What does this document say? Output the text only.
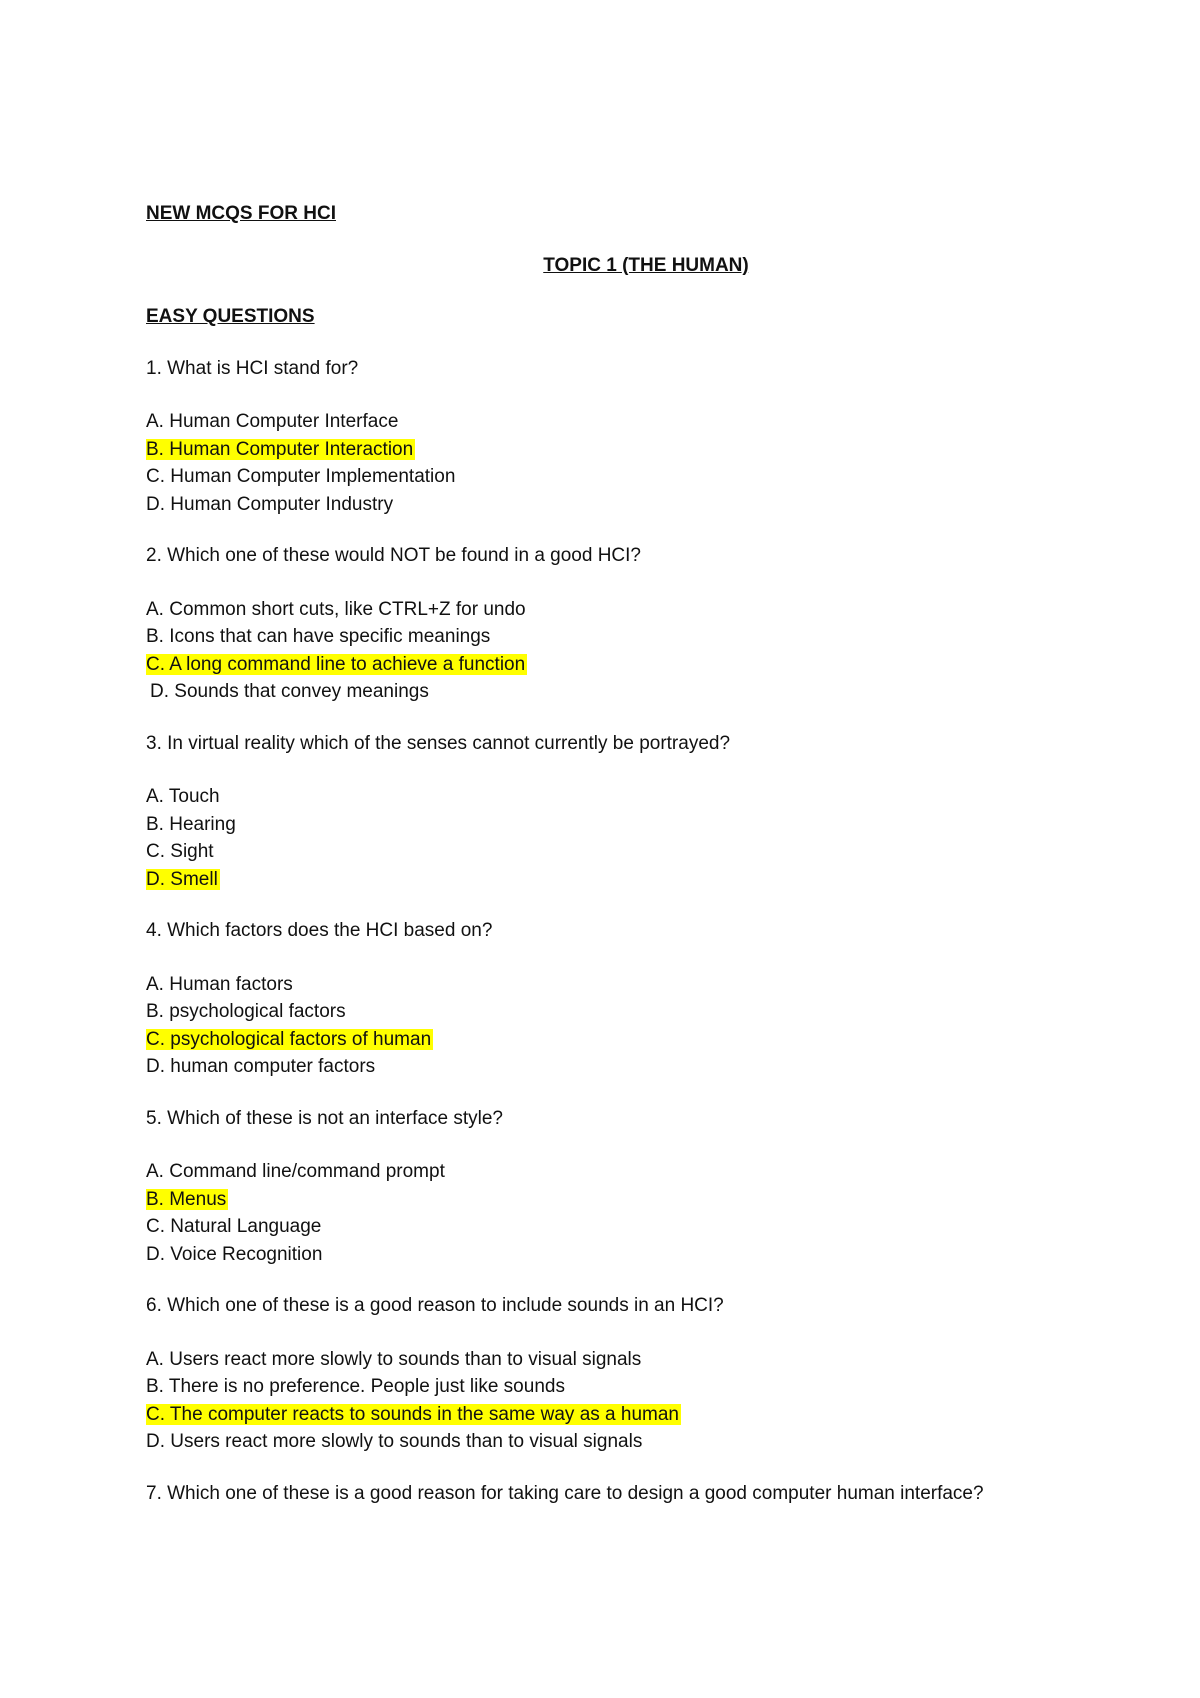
NEW MCQS FOR HCI
TOPIC 1 (THE HUMAN)
EASY QUESTIONS
1. What is HCI stand for?
A. Human Computer Interface
B. Human Computer Interaction
C. Human Computer Implementation
D. Human Computer Industry
2. Which one of these would NOT be found in a good HCI?
A. Common short cuts, like CTRL+Z for undo
B. Icons that can have specific meanings
C. A long command line to achieve a function
D. Sounds that convey meanings
3. In virtual reality which of the senses cannot currently be portrayed?
A. Touch
B. Hearing
C. Sight
D. Smell
4. Which factors does the HCI based on?
A. Human factors
B. psychological factors
C. psychological factors of human
D. human computer factors
5. Which of these is not an interface style?
A. Command line/command prompt
B. Menus
C. Natural Language
D. Voice Recognition
6. Which one of these is a good reason to include sounds in an HCI?
A. Users react more slowly to sounds than to visual signals
B. There is no preference. People just like sounds
C. The computer reacts to sounds in the same way as a human
D. Users react more slowly to sounds than to visual signals
7. Which one of these is a good reason for taking care to design a good computer human interface?
